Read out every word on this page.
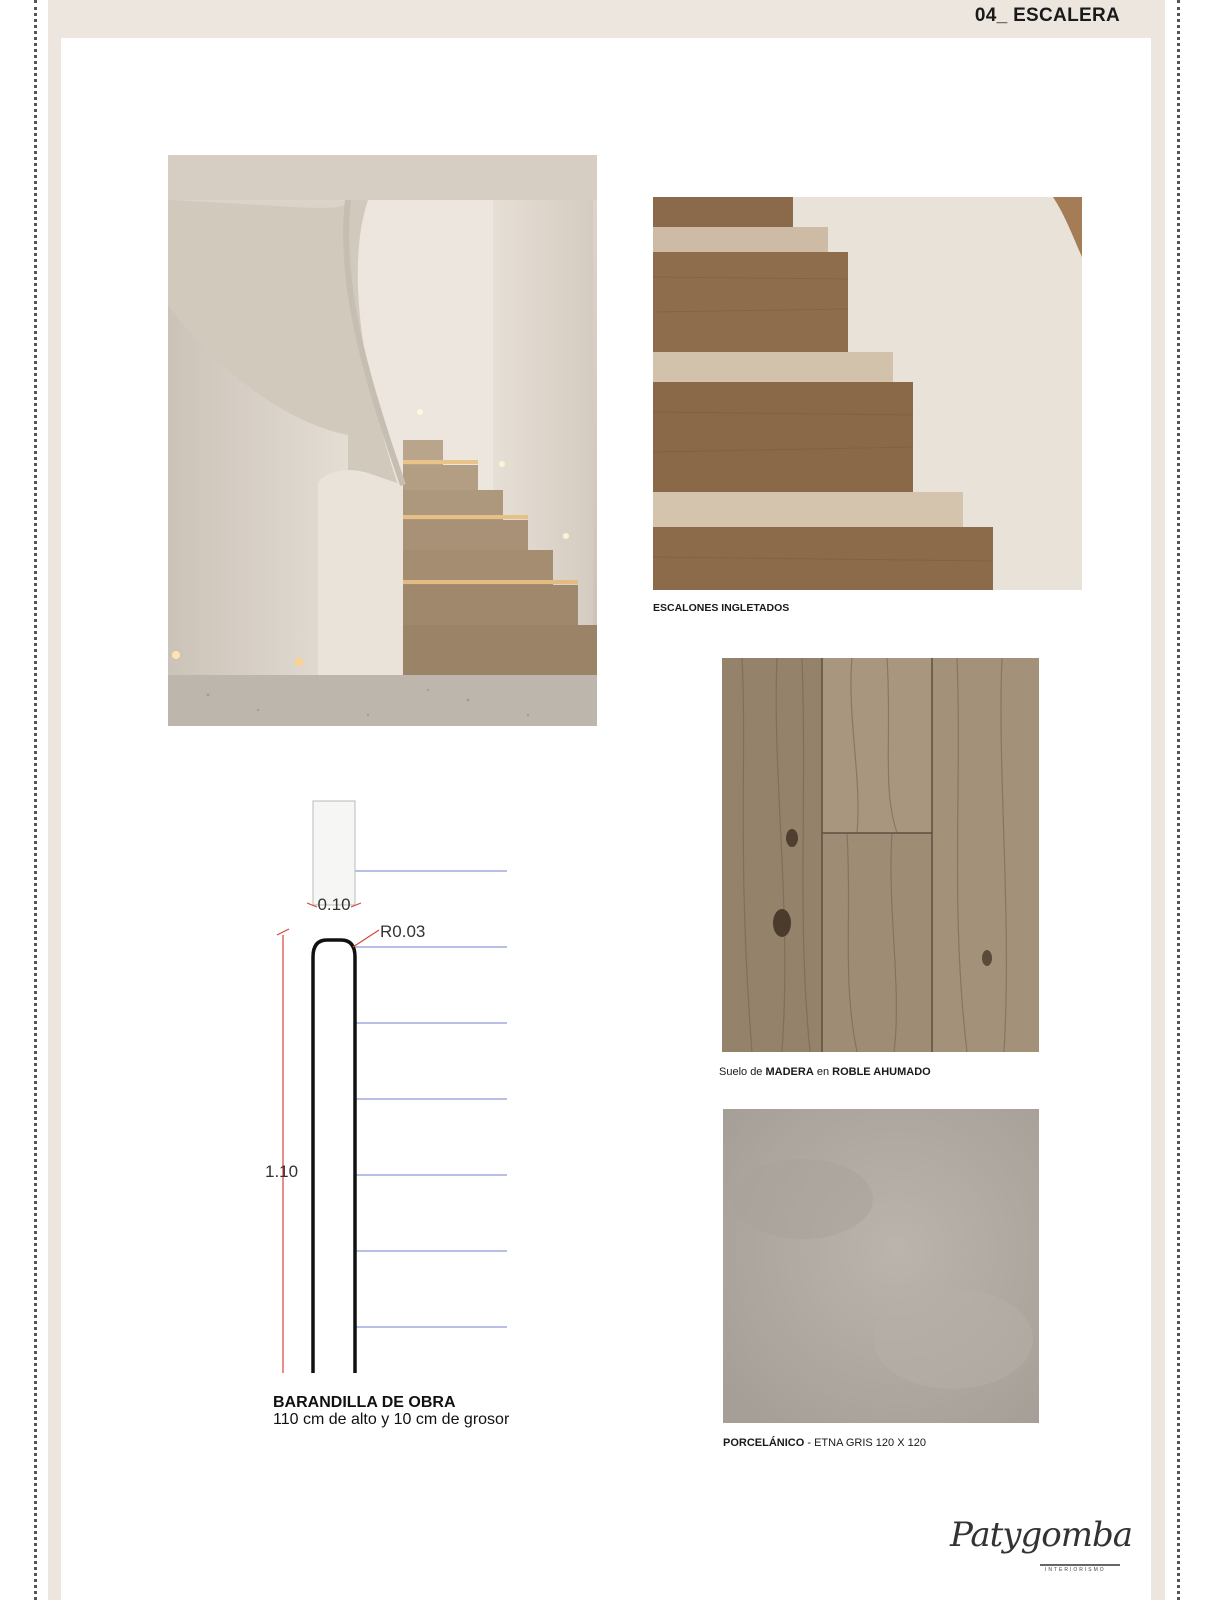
04_ ESCALERA
ESCALONES INGLETADOS
Suelo de MADERA en ROBLE AHUMADO
PORCELÁNICO - ETNA GRIS 120 X 120
0.10
R0.03
1.10
BARANDILLA DE OBRA
110 cm de alto y 10 cm de grosor
Patygomba
INTERIORISMO
